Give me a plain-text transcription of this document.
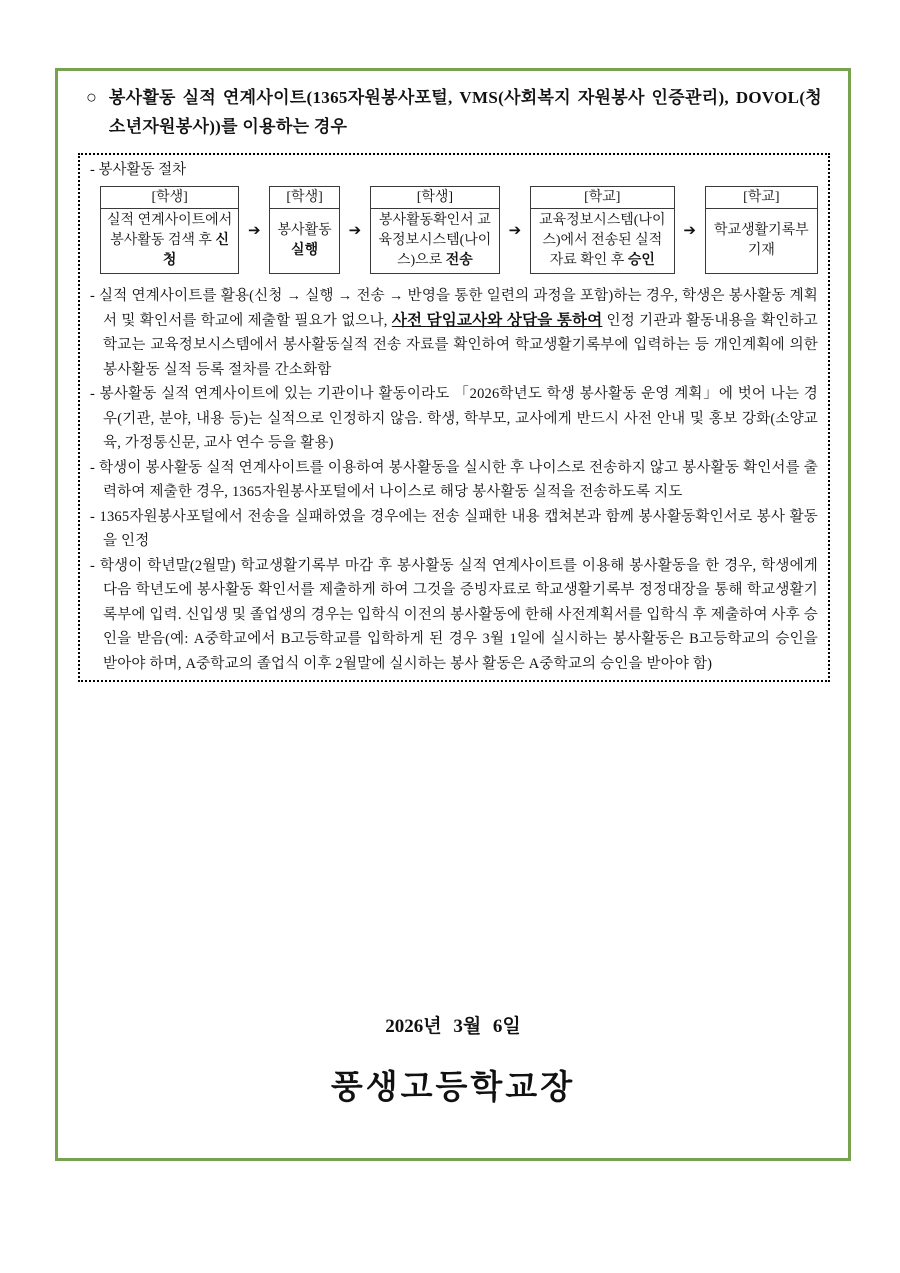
○ 봉사활동 실적 연계사이트(1365자원봉사포털, VMS(사회복지 자원봉사 인증관리), DOVOL(청소년자원봉사))를 이용하는 경우
- 봉사활동 절차
[학생]
실적 연계사이트에서 봉사활동 검색 후 신청
➔
[학생]
봉사활동 실행
➔
[학생]
봉사활동확인서 교육정보시스템(나이스)으로 전송
➔
[학교]
교육정보시스템(나이스)에서 전송된 실적 자료 확인 후 승인
➔
[학교]
학교생활기록부 기재
- 실적 연계사이트를 활용(신청 → 실행 → 전송 → 반영을 통한 일련의 과정을 포함)하는 경우, 학생은 봉사활동 계획서 및 확인서를 학교에 제출할 필요가 없으나, 사전 담임교사와 상담을 통하여 인정 기관과 활동내용을 확인하고 학교는 교육정보시스템에서 봉사활동실적 전송 자료를 확인하여 학교생활기록부에 입력하는 등 개인계획에 의한 봉사활동 실적 등록 절차를 간소화함
- 봉사활동 실적 연계사이트에 있는 기관이나 활동이라도 「2026학년도 학생 봉사활동 운영 계획」에 벗어 나는 경우(기관, 분야, 내용 등)는 실적으로 인정하지 않음. 학생, 학부모, 교사에게 반드시 사전 안내 및 홍보 강화(소양교육, 가정통신문, 교사 연수 등을 활용)
- 학생이 봉사활동 실적 연계사이트를 이용하여 봉사활동을 실시한 후 나이스로 전송하지 않고 봉사활동 확인서를 출력하여 제출한 경우, 1365자원봉사포털에서 나이스로 해당 봉사활동 실적을 전송하도록 지도
- 1365자원봉사포털에서 전송을 실패하였을 경우에는 전송 실패한 내용 캡쳐본과 함께 봉사활동확인서로 봉사 활동을 인정
- 학생이 학년말(2월말) 학교생활기록부 마감 후 봉사활동 실적 연계사이트를 이용해 봉사활동을 한 경우, 학생에게 다음 학년도에 봉사활동 확인서를 제출하게 하여 그것을 증빙자료로 학교생활기록부 정정대장을 통해 학교생활기록부에 입력. 신입생 및 졸업생의 경우는 입학식 이전의 봉사활동에 한해 사전계획서를 입학식 후 제출하여 사후 승인을 받음(예: A중학교에서 B고등학교를 입학하게 된 경우 3월 1일에 실시하는 봉사활동은 B고등학교의 승인을 받아야 하며, A중학교의 졸업식 이후 2월말에 실시하는 봉사 활동은 A중학교의 승인을 받아야 함)
2026년 3월 6일
풍생고등학교장
